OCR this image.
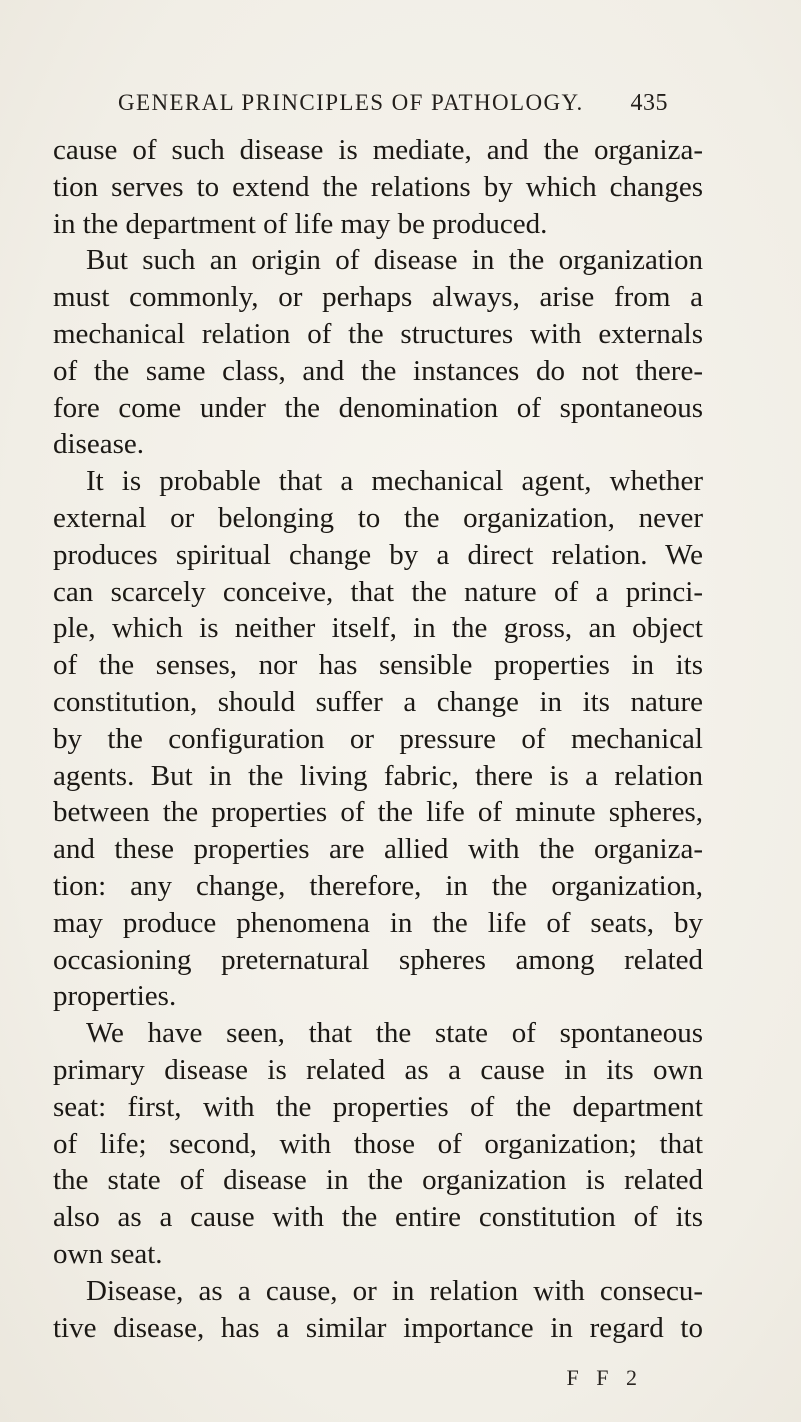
GENERAL PRINCIPLES OF PATHOLOGY. 435
cause of such disease is mediate, and the organiza-
tion serves to extend the relations by which changes
in the department of life may be produced.
But such an origin of disease in the organization
must commonly, or perhaps always, arise from a
mechanical relation of the structures with externals
of the same class, and the instances do not there-
fore come under the denomination of spontaneous
disease.
It is probable that a mechanical agent, whether
external or belonging to the organization, never
produces spiritual change by a direct relation. We
can scarcely conceive, that the nature of a princi-
ple, which is neither itself, in the gross, an object
of the senses, nor has sensible properties in its
constitution, should suffer a change in its nature
by the configuration or pressure of mechanical
agents. But in the living fabric, there is a relation
between the properties of the life of minute spheres,
and these properties are allied with the organiza-
tion: any change, therefore, in the organization,
may produce phenomena in the life of seats, by
occasioning preternatural spheres among related
properties.
We have seen, that the state of spontaneous
primary disease is related as a cause in its own
seat: first, with the properties of the department
of life; second, with those of organization; that
the state of disease in the organization is related
also as a cause with the entire constitution of its
own seat.
Disease, as a cause, or in relation with consecu-
tive disease, has a similar importance in regard to
F F 2
